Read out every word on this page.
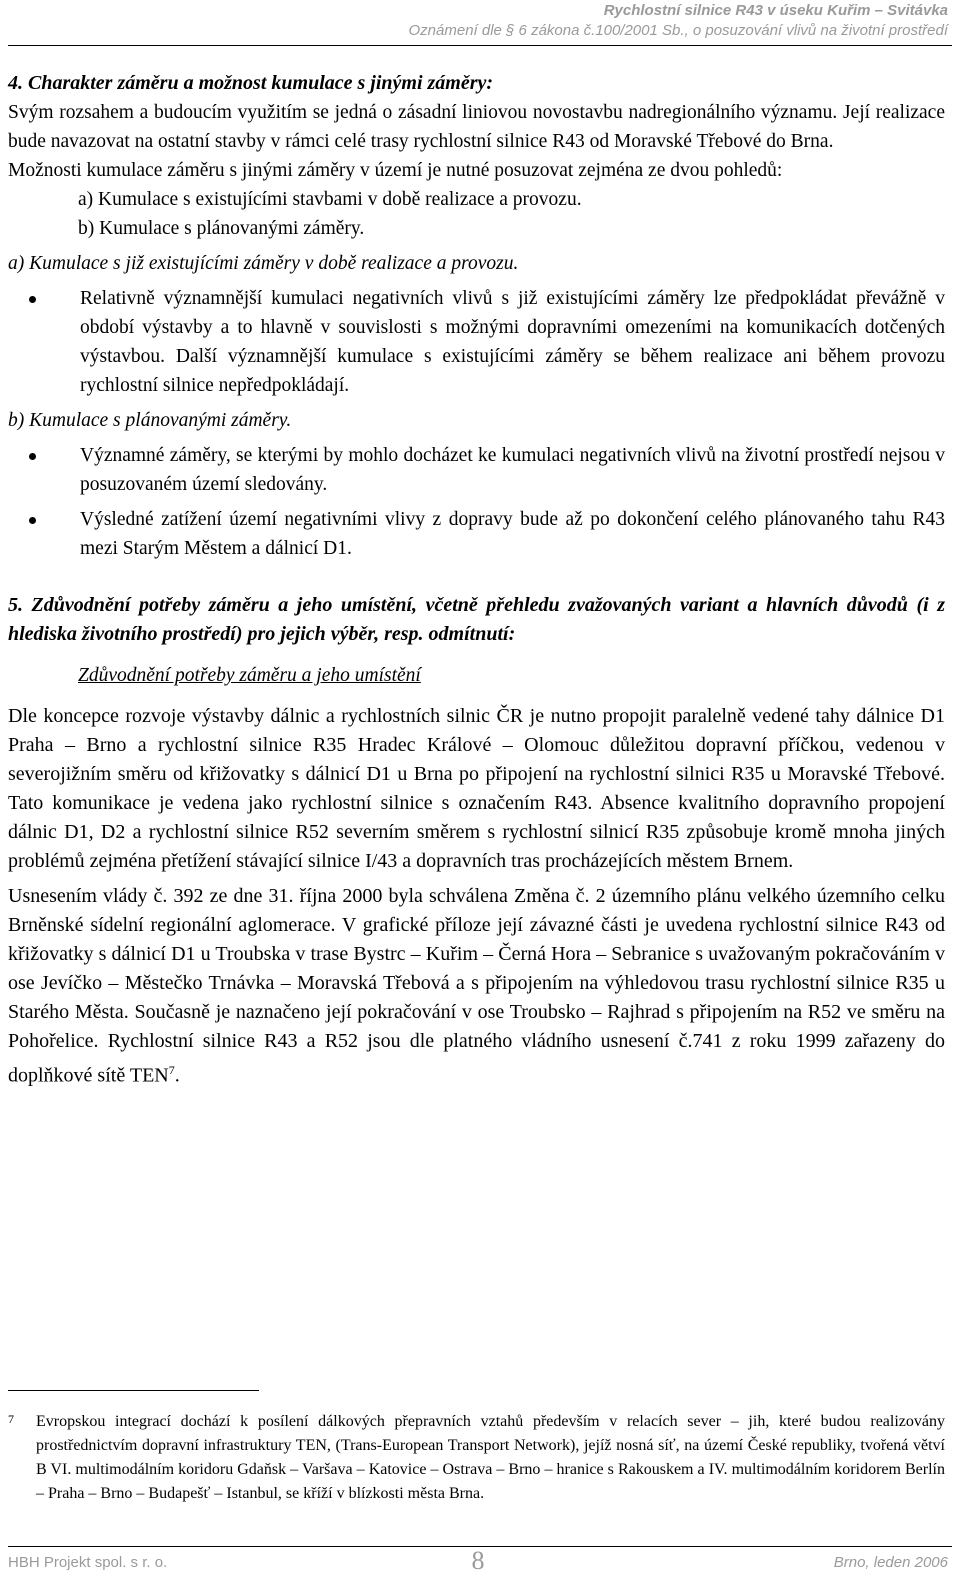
Rychlostní silnice R43 v úseku Kuřim – Svitávka
Oznámení dle § 6 zákona č.100/2001 Sb., o posuzování vlivů na životní prostředí
4. Charakter záměru a možnost kumulace s jinými záměry:

Svým rozsahem a budoucím využitím se jedná o zásadní liniovou novostavbu nadregionálního významu. Její realizace bude navazovat na ostatní stavby v rámci celé trasy rychlostní silnice R43 od Moravské Třebové do Brna.

Možnosti kumulace záměru s jinými záměry v území je nutné posuzovat zejména ze dvou pohledů:

a) Kumulace s existujícími stavbami v době realizace a provozu.
b) Kumulace s plánovanými záměry.
a) Kumulace s již existujícími záměry v době realizace a provozu.
Relativně významnější kumulaci negativních vlivů s již existujícími záměry lze předpokládat převážně v období výstavby a to hlavně v souvislosti s možnými dopravními omezeními na komunikacích dotčených výstavbou. Další významnější kumulace s existujícími záměry se během realizace ani během provozu rychlostní silnice nepředpokládají.
b) Kumulace s plánovanými záměry.
Významné záměry, se kterými by mohlo docházet ke kumulaci negativních vlivů na životní prostředí nejsou v posuzovaném území sledovány.
Výsledné zatížení území negativními vlivy z dopravy bude až po dokončení celého plánovaného tahu R43 mezi Starým Městem a dálnicí D1.
5. Zdůvodnění potřeby záměru a jeho umístění, včetně přehledu zvažovaných variant a hlavních důvodů (i z hlediska životního prostředí) pro jejich výběr, resp. odmítnutí:
Zdůvodnění potřeby záměru a jeho umístění

Dle koncepce rozvoje výstavby dálnic a rychlostních silnic ČR je nutno propojit paralelně vedené tahy dálnice D1 Praha – Brno a rychlostní silnice R35 Hradec Králové – Olomouc důležitou dopravní příčkou, vedenou v severojižním směru od křižovatky s dálnicí D1 u Brna po připojení na rychlostní silnici R35 u Moravské Třebové. Tato komunikace je vedena jako rychlostní silnice s označením R43. Absence kvalitního dopravního propojení dálnic D1, D2 a rychlostní silnice R52 severním směrem s rychlostní silnicí R35 způsobuje kromě mnoha jiných problémů zejména přetížení stávající silnice I/43 a dopravních tras procházejících městem Brnem.

Usnesením vlády č. 392 ze dne 31. října 2000 byla schválena Změna č. 2 územního plánu velkého územního celku Brněnské sídelní regionální aglomerace. V grafické příloze její závazné části je uvedena rychlostní silnice R43 od křižovatky s dálnicí D1 u Troubska v trase Bystrc – Kuřim – Černá Hora – Sebranice s uvažovaným pokračováním v ose Jevíčko – Městečko Trnávka – Moravská Třebová a s připojením na výhledovou trasu rychlostní silnice R35 u Starého Města. Současně je naznačeno její pokračování v ose Troubsko – Rajhrad s připojením na R52 ve směru na Pohořelice. Rychlostní silnice R43 a R52 jsou dle platného vládního usnesení č.741 z roku 1999 zařazeny do doplňkové sítě TEN$^7$.

7	Evropskou integrací dochází k posílení dálkových přepravních vztahů především v relacích sever – jih, které budou realizovány prostřednictvím dopravní infrastruktury TEN, (Trans-European Transport Network), jejíž nosná síť, na území České republiky, tvořená větví B VI. multimodálním koridoru Gdaňsk – Varšava – Katovice – Ostrava – Brno – hranice s Rakouskem a IV. multimodálním koridorem Berlín – Praha – Brno – Budapešť – Istanbul, se kříží v blízkosti města Brna.
HBH Projekt spol. s r. o.	8	Brno, leden 2006
